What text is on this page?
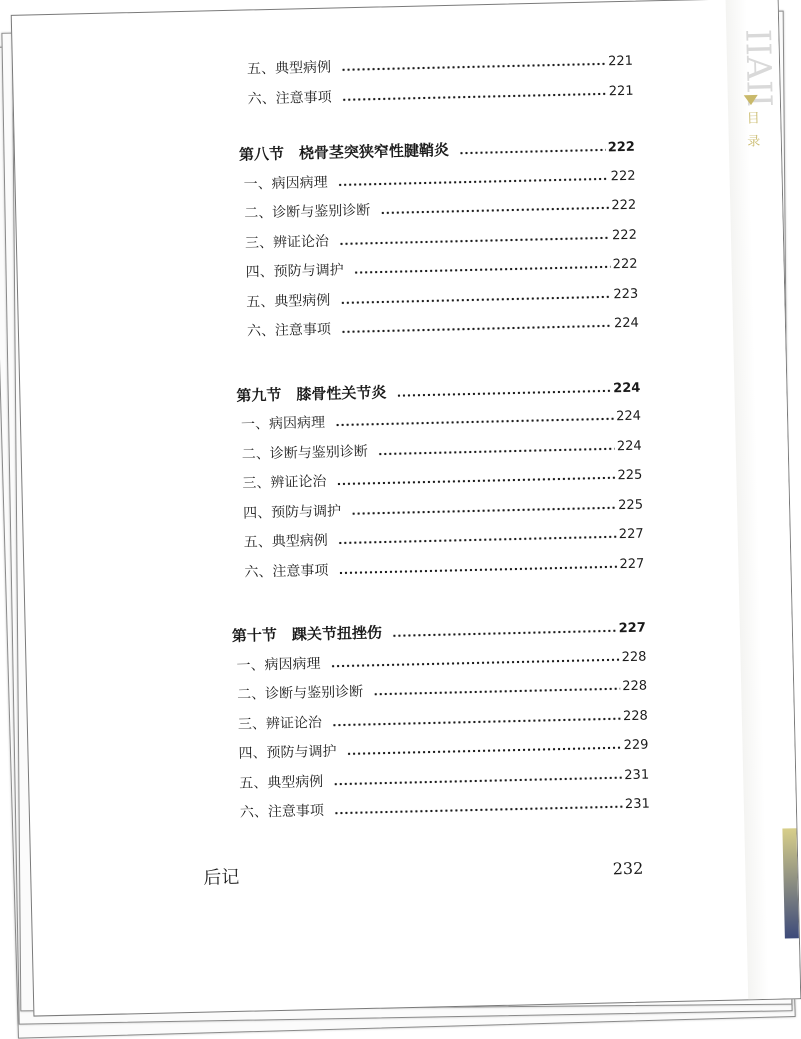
IIAII
目录
五、典型病例	221
六、注意事项	221
第八节　桡骨茎突狭窄性腱鞘炎	222
一、病因病理	222
二、诊断与鉴别诊断	222
三、辨证论治	222
四、预防与调护	222
五、典型病例	223
六、注意事项	224
第九节　膝骨性关节炎	224
一、病因病理	224
二、诊断与鉴别诊断	224
三、辨证论治	225
四、预防与调护	225
五、典型病例	227
六、注意事项	227
第十节　踝关节扭挫伤	227
一、病因病理	228
二、诊断与鉴别诊断	228
三、辨证论治	228
四、预防与调护	229
五、典型病例	231
六、注意事项	231
后记	232
